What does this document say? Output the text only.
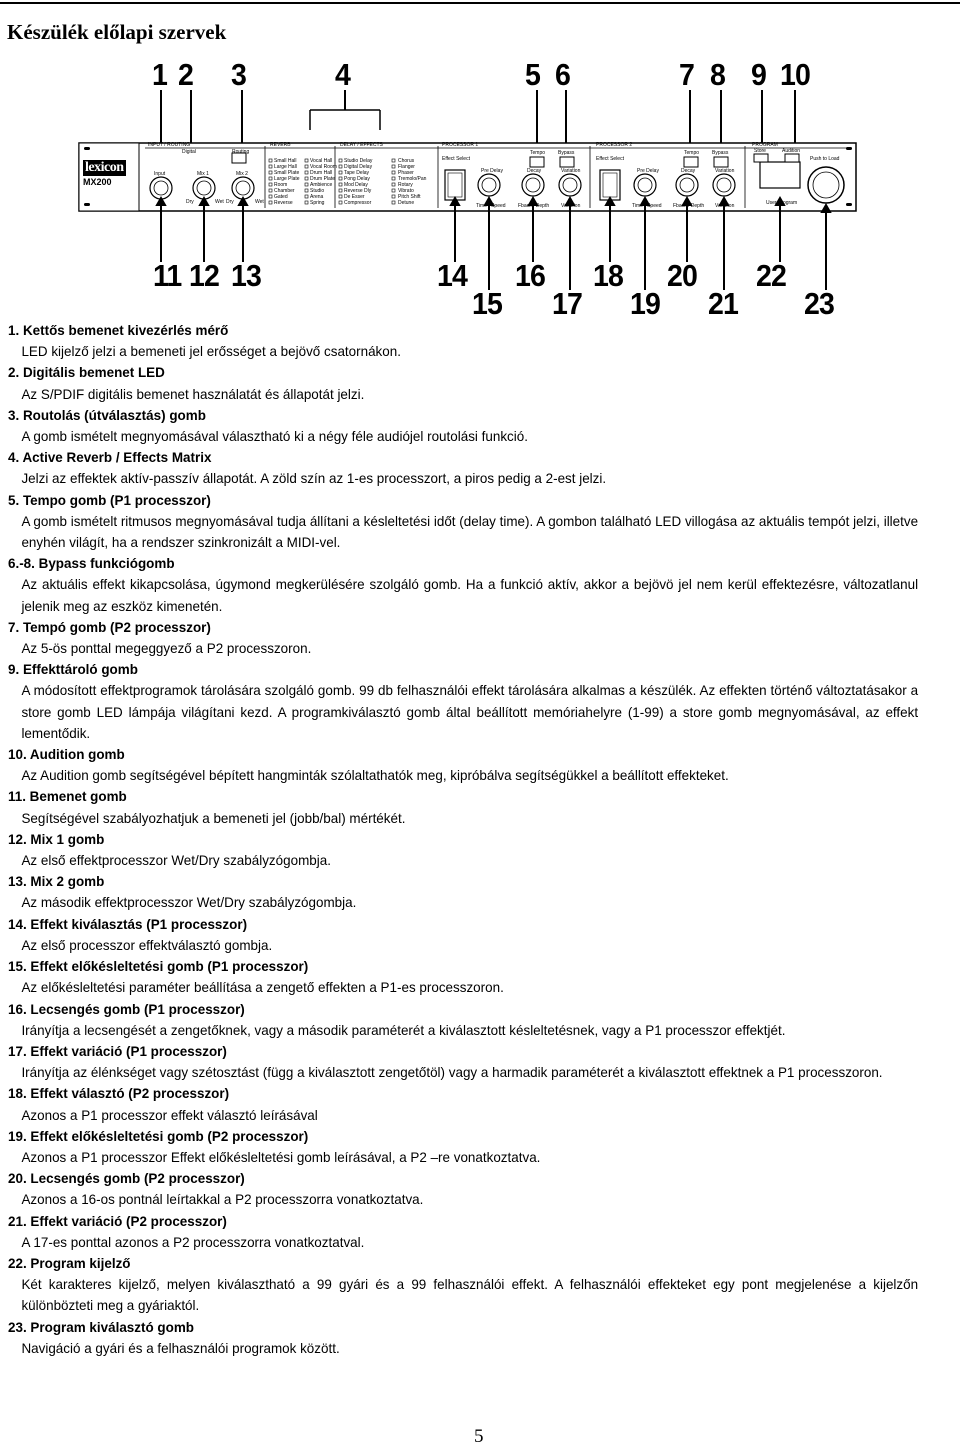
Készülék előlapi szervek
lexicon
MX200
INPUT / ROUTING	REVERB	DELAY / EFFECTS	PROCESSOR 1	PROCESSOR 2	PROGRAM
Digital	Routing
Input	Mix 1	Mix 2
Dry	Wet Dry	Wet
Effect Select
Tempo	Bypass
Pre Delay	Decay	Variation
Time / Speed Fback / Depth Variation
Effect Select
Tempo	Bypass
Pre Delay	Decay	Variation
Time / Speed Fback / Depth Variation
Store	Audition
Push to Load
User Program
Small Hall
Large Hall
Small Plate
Large Plate
Room
Chamber
Gated
Reverse
Vocal Hall
Vocal Room
Drum Hall
Drum Plate
Ambience
Studio
Arena
Spring
Studio Delay
Digital Delay
Tape Delay
Pong Delay
Mod Delay
Reverse Dly
De Esser
Compressor
Chorus
Flanger
Phaser
Tremolo/Pan
Rotary
Vibrato
Pitch Shift
Detune
1 2 3	4	5 6	7 8 9 10
11 12 13	14
15
16
17
18
19
20
21
22
23
1. Kettős bemenet kivezérlés mérő
LED kijelző jelzi a bemeneti jel erősséget a bejövő csatornákon.
2. Digitális bemenet LED
Az S/PDIF digitális bemenet használatát és állapotát jelzi.
3. Routolás (útválasztás) gomb
A gomb ismételt megnyomásával választható ki a négy féle audiójel routolási funkció.
4. Active Reverb / Effects Matrix
Jelzi az effektek aktív-passzív állapotát. A zöld szín az 1-es processzort, a piros pedig a 2-est jelzi.
5. Tempo gomb (P1 processzor)
A gomb ismételt ritmusos megnyomásával tudja állítani a késleltetési időt (delay time). A gombon található LED villogása az aktuális tempót jelzi, illetve enyhén világít, ha a rendszer szinkronizált a MIDI-vel.
6.-8. Bypass funkciógomb
Az aktuális effekt kikapcsolása, úgymond megkerülésére szolgáló gomb. Ha a funkció aktív, akkor a bejövö jel nem kerül effektezésre, változatlanul jelenik meg az eszköz kimenetén.
7. Tempó gomb (P2 processzor)
Az 5-ös ponttal megeggyező a P2 processzoron.
9. Effekttároló gomb
A módosított effektprogramok tárolására szolgáló gomb. 99 db felhasználói effekt tárolására alkalmas a készülék. Az effekten történő változtatásakor a store gomb LED lámpája világítani kezd. A programkiválasztó gomb által beállított memóriahelyre (1-99) a store gomb megnyomásával, az effekt lementődik.
10. Audition gomb
Az Audition gomb segítségével bépített hangminták szólaltathatók meg, kipróbálva segítségükkel a beállított effekteket.
11. Bemenet gomb
Segítségével szabályozhatjuk a bemeneti jel (jobb/bal) mértékét.
12. Mix 1 gomb
Az első effektprocesszor Wet/Dry szabályzógombja.
13. Mix 2 gomb
Az második effektprocesszor Wet/Dry szabályzógombja.
14. Effekt kiválasztás (P1 processzor)
Az első processzor effektválasztó gombja.
15. Effekt előkésleltetési gomb (P1 processzor)
Az előkésleltetési paraméter beállítása a zengető effekten a P1-es processzoron.
16. Lecsengés gomb (P1 processzor)
Irányítja a lecsengését a zengetőknek, vagy a második paraméterét a kiválasztott késleltetésnek, vagy a P1 processzor effektjét.
17. Effekt variáció (P1 processzor)
Irányítja az élénkséget vagy szétosztást (függ a kiválasztott zengetőtöl) vagy a harmadik paraméterét a kiválasztott effektnek a P1 processzoron.
18. Effekt választó (P2 processzor)
Azonos a P1 processzor effekt választó leírásával
19. Effekt előkésleltetési gomb (P2 processzor)
Azonos a P1 processzor Effekt előkésleltetési gomb leírásával, a P2 –re vonatkoztatva.
20. Lecsengés gomb (P2 processzor)
Azonos a 16-os pontnál leírtakkal a P2 processzorra vonatkoztatva.
21. Effekt variáció (P2 processzor)
A 17-es ponttal azonos a P2 processzorra vonatkoztatval.
22. Program kijelző
Két karakteres kijelző, melyen kiválasztható a 99 gyári és a 99 felhasználói effekt. A felhasználói effekteket egy pont megjelenése a kijelzőn különbözteti meg a gyáriaktól.
23. Program kiválasztó gomb
Navigáció a gyári és a felhasználói programok között.
5
